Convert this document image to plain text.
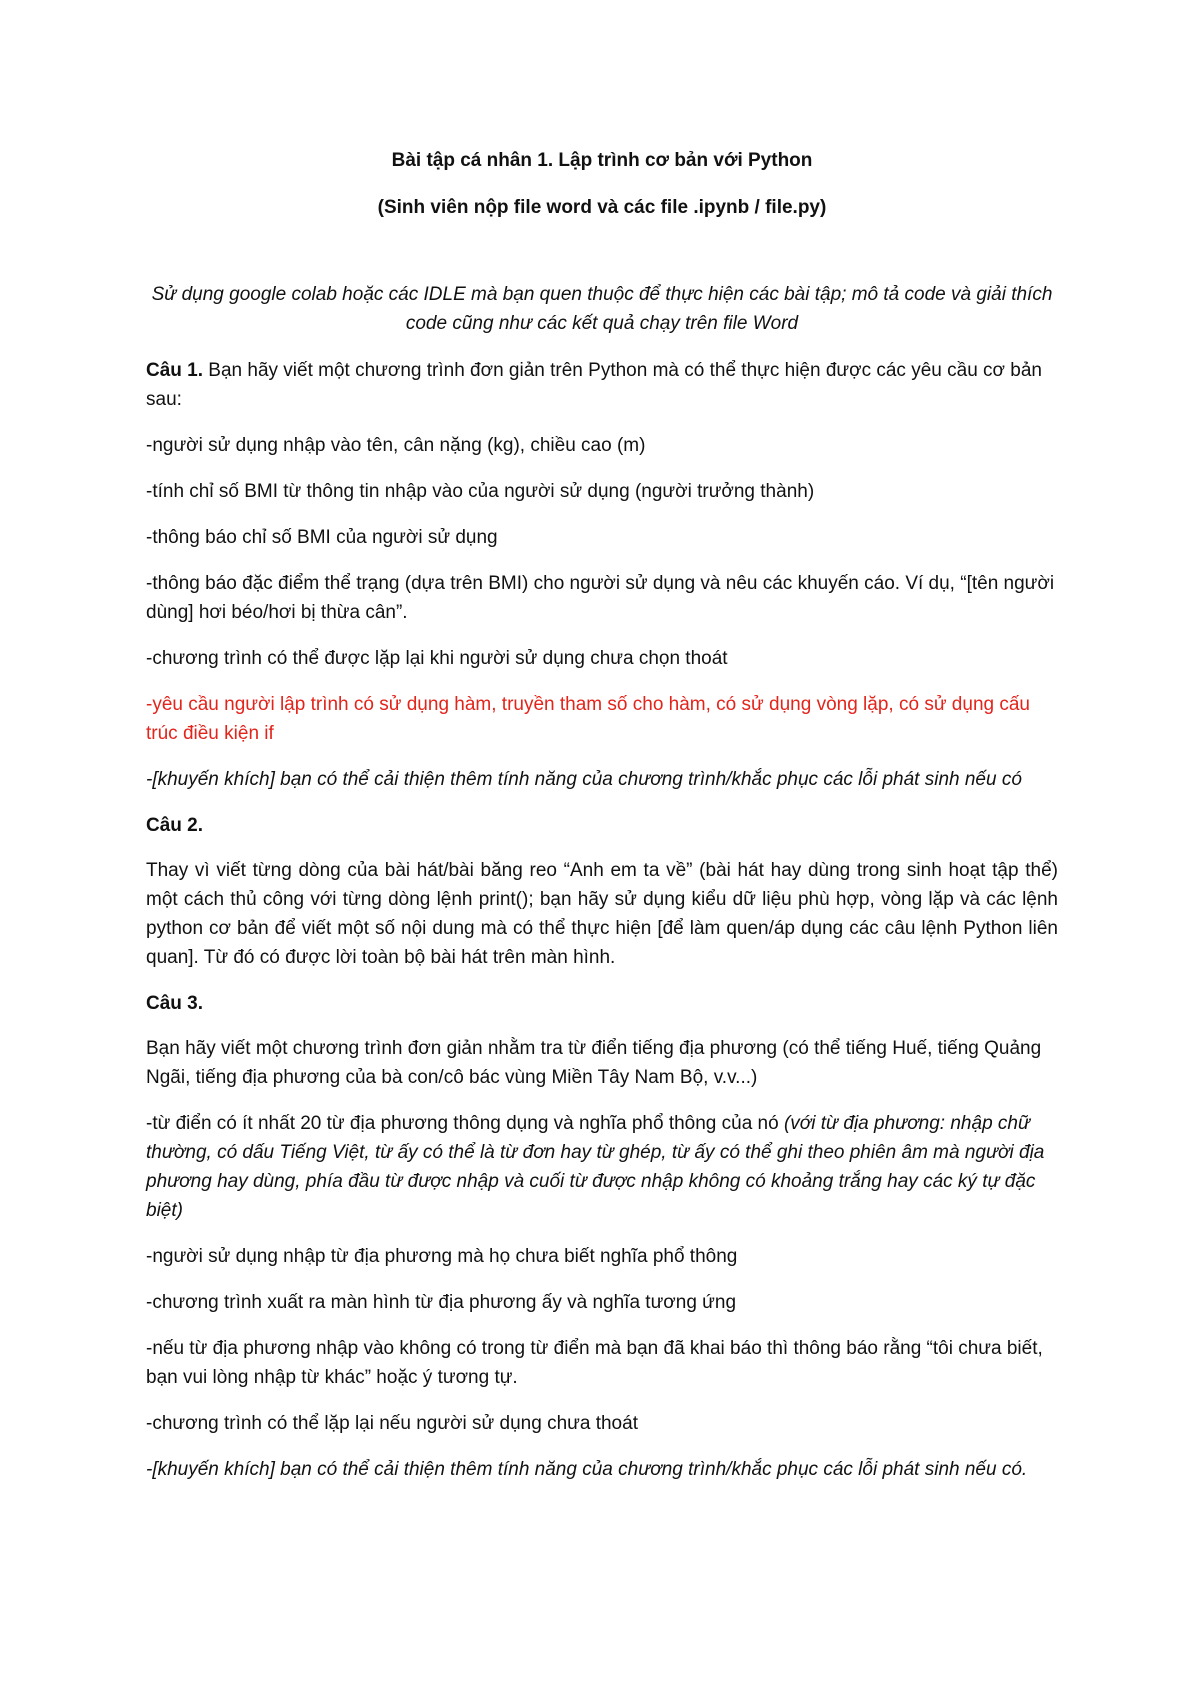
Bài tập cá nhân 1. Lập trình cơ bản với Python
(Sinh viên nộp file word và các file .ipynb / file.py)
Sử dụng google colab hoặc các IDLE mà bạn quen thuộc để thực hiện các bài tập; mô tả code và giải thích code cũng như các kết quả chạy trên file Word

Câu 1. Bạn hãy viết một chương trình đơn giản trên Python mà có thể thực hiện được các yêu cầu cơ bản sau:

-người sử dụng nhập vào tên, cân nặng (kg), chiều cao (m)

-tính chỉ số BMI từ thông tin nhập vào của người sử dụng (người trưởng thành)

-thông báo chỉ số BMI của người sử dụng

-thông báo đặc điểm thể trạng (dựa trên BMI) cho người sử dụng và nêu các khuyến cáo. Ví dụ, “[tên người dùng] hơi béo/hơi bị thừa cân”.

-chương trình có thể được lặp lại khi người sử dụng chưa chọn thoát

-yêu cầu người lập trình có sử dụng hàm, truyền tham số cho hàm, có sử dụng vòng lặp, có sử dụng cấu trúc điều kiện if

-[khuyến khích] bạn có thể cải thiện thêm tính năng của chương trình/khắc phục các lỗi phát sinh nếu có

Câu 2.

Thay vì viết từng dòng của bài hát/bài băng reo “Anh em ta về” (bài hát hay dùng trong sinh hoạt tập thể) một cách thủ công với từng dòng lệnh print(); bạn hãy sử dụng kiểu dữ liệu phù hợp, vòng lặp và các lệnh python cơ bản để viết một số nội dung mà có thể thực hiện [để làm quen/áp dụng các câu lệnh Python liên quan]. Từ đó có được lời toàn bộ bài hát trên màn hình.

Câu 3.

Bạn hãy viết một chương trình đơn giản nhằm tra từ điển tiếng địa phương (có thể tiếng Huế, tiếng Quảng Ngãi, tiếng địa phương của bà con/cô bác vùng Miền Tây Nam Bộ, v.v...)

-từ điển có ít nhất 20 từ địa phương thông dụng và nghĩa phổ thông của nó (với từ địa phương: nhập chữ thường, có dấu Tiếng Việt, từ ấy có thể là từ đơn hay từ ghép, từ ấy có thể ghi theo phiên âm mà người địa phương hay dùng, phía đầu từ được nhập và cuối từ được nhập không có khoảng trắng hay các ký tự đặc biệt)

-người sử dụng nhập từ địa phương mà họ chưa biết nghĩa phổ thông

-chương trình xuất ra màn hình từ địa phương ấy và nghĩa tương ứng

-nếu từ địa phương nhập vào không có trong từ điển mà bạn đã khai báo thì thông báo rằng “tôi chưa biết, bạn vui lòng nhập từ khác” hoặc ý tương tự.

-chương trình có thể lặp lại nếu người sử dụng chưa thoát

-[khuyến khích] bạn có thể cải thiện thêm tính năng của chương trình/khắc phục các lỗi phát sinh nếu có.
